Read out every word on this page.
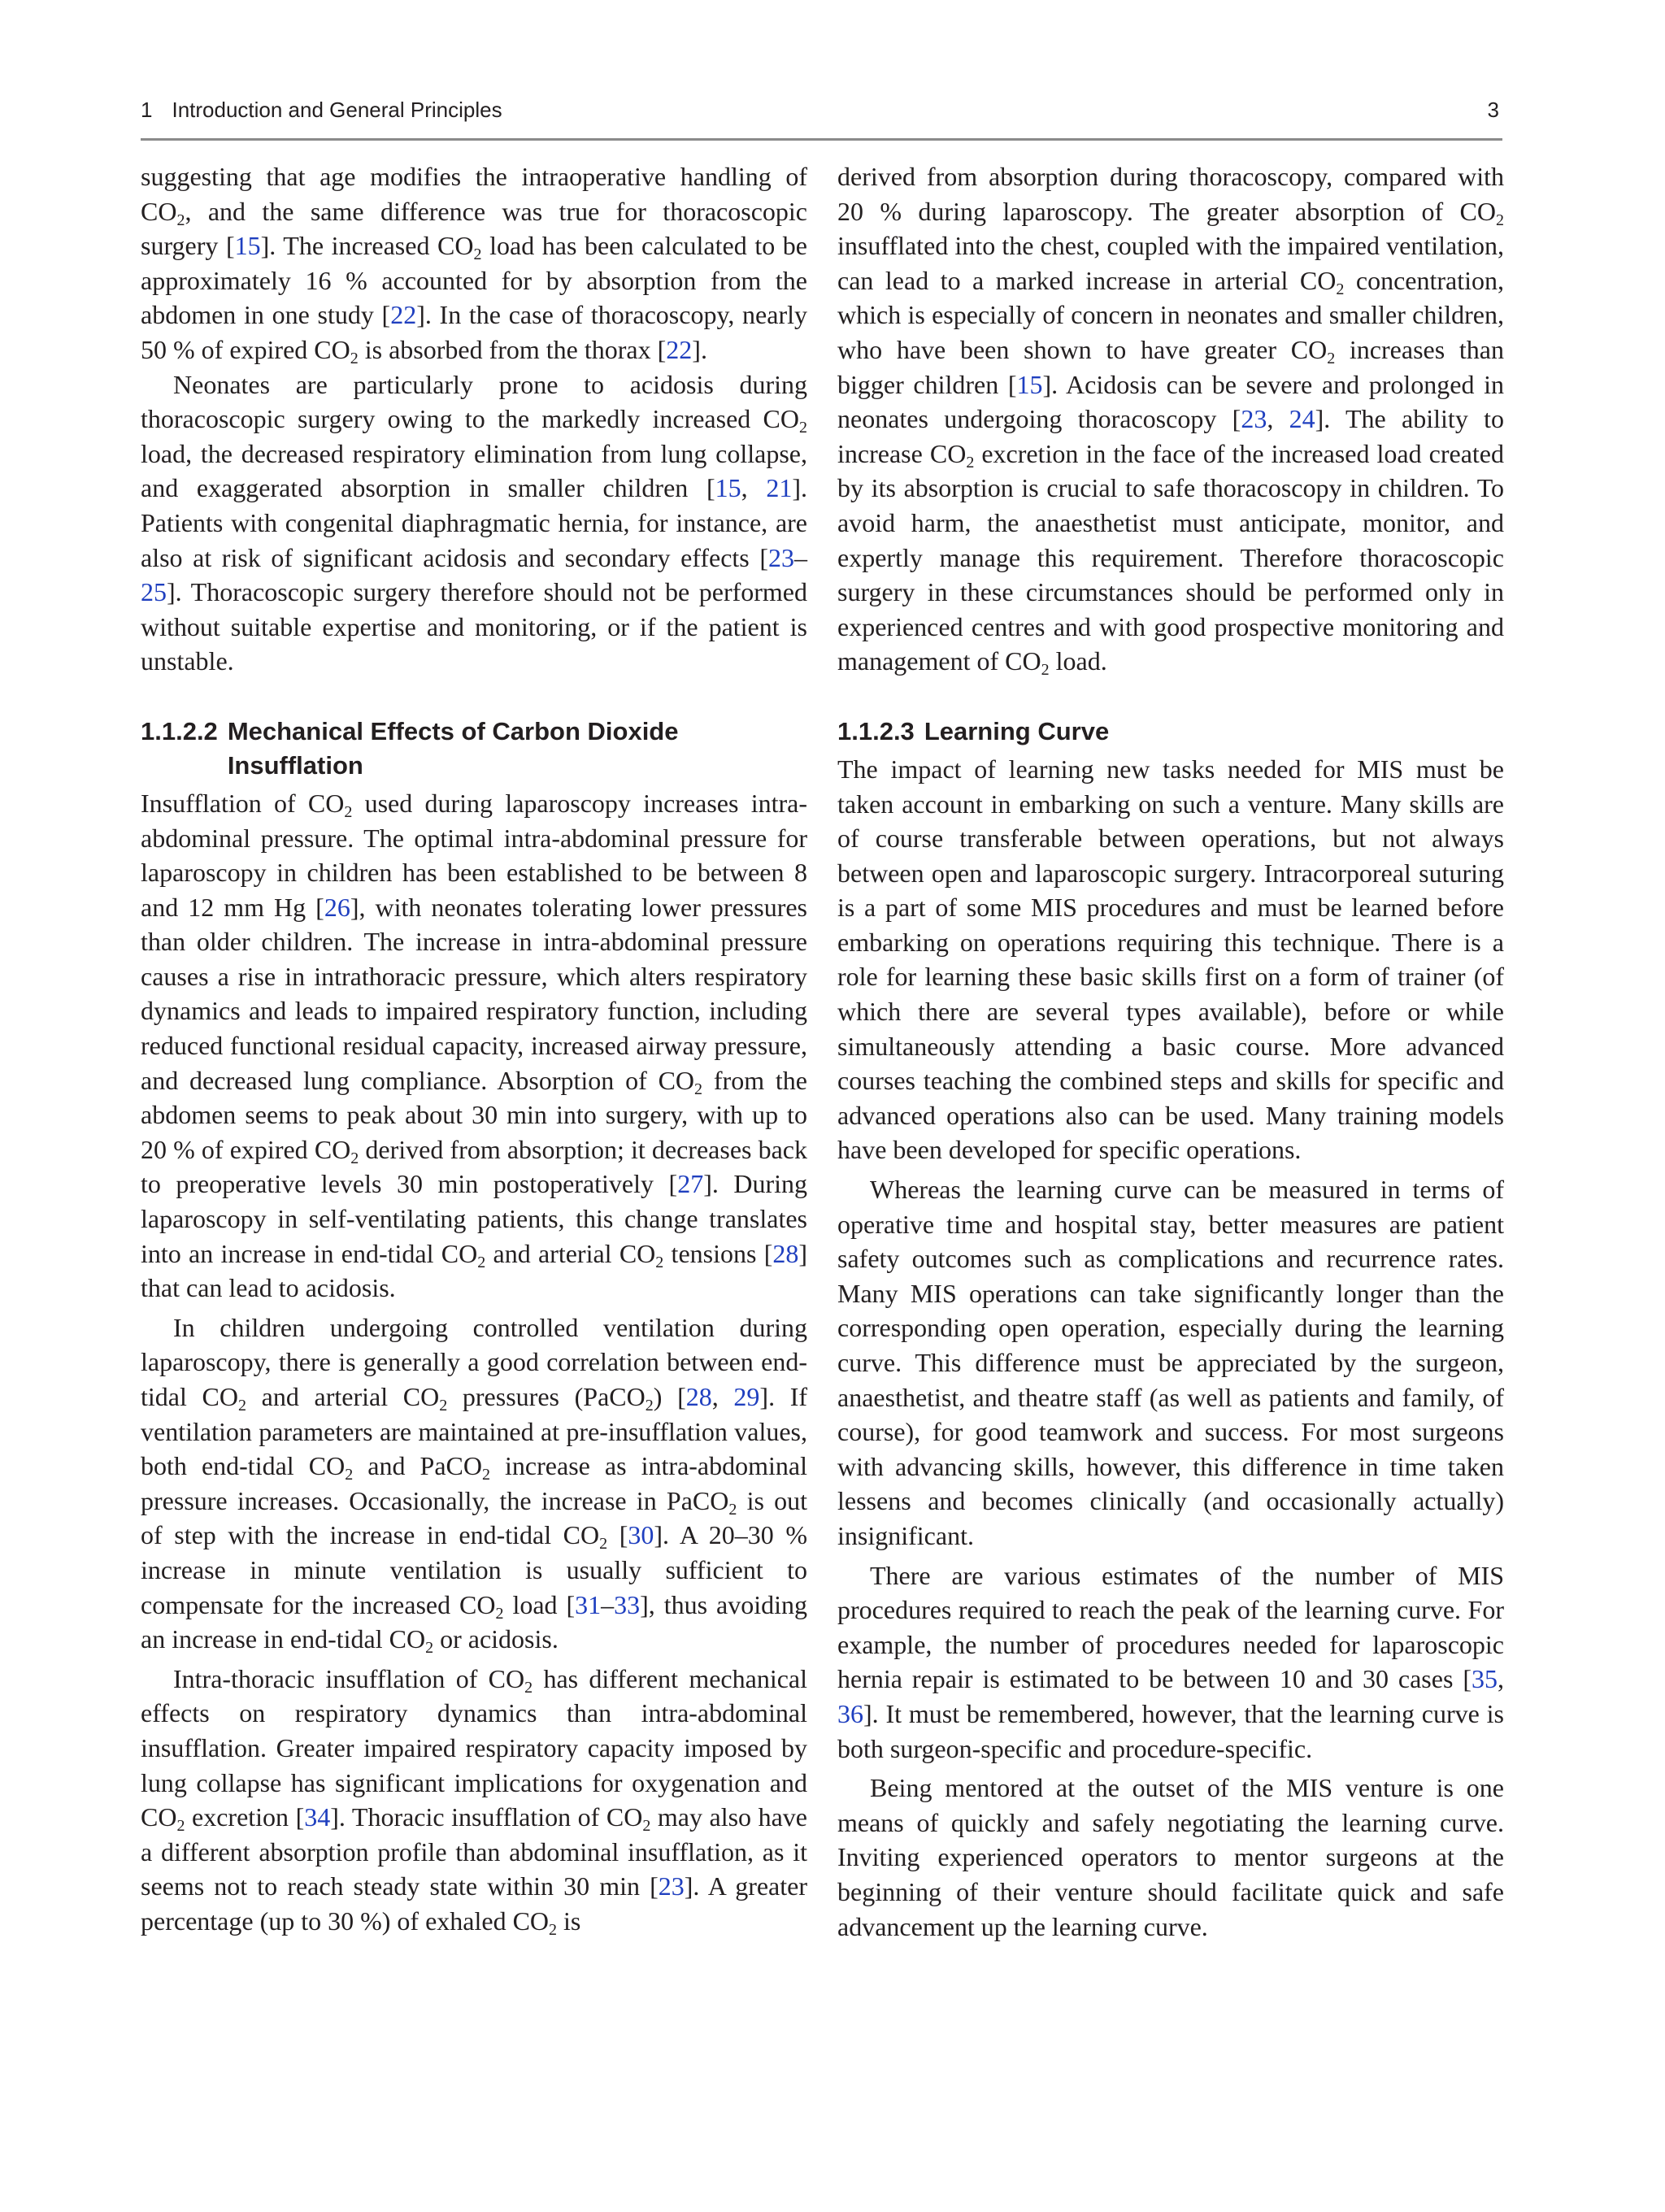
1 Introduction and General Principles	3

suggesting that age modifies the intraoperative handling of $CO_2$, and the same difference was true for thoracoscopic surgery [15]. The increased $CO_2$ load has been calculated to be approximately 16 % accounted for by absorption from the abdomen in one study [22]. In the case of thoracoscopy, nearly 50 % of expired $CO_2$ is absorbed from the thorax [22].

Neonates are particularly prone to acidosis during thoracoscopic surgery owing to the markedly increased $CO_2$ load, the decreased respiratory elimination from lung collapse, and exaggerated absorption in smaller children [15, 21]. Patients with congenital diaphragmatic hernia, for instance, are also at risk of significant acidosis and secondary effects [23–25]. Thoracoscopic surgery therefore should not be performed without suitable expertise and monitoring, or if the patient is unstable.

1.1.2.2 Mechanical Effects of Carbon Dioxide Insufflation

Insufflation of $CO_2$ used during laparoscopy increases intra-abdominal pressure. The optimal intra-abdominal pressure for laparoscopy in children has been established to be between 8 and 12 mm Hg [26], with neonates tolerating lower pressures than older children. The increase in intra-abdominal pressure causes a rise in intrathoracic pressure, which alters respiratory dynamics and leads to impaired respiratory function, including reduced functional residual capacity, increased airway pressure, and decreased lung compliance. Absorption of $CO_2$ from the abdomen seems to peak about 30 min into surgery, with up to 20 % of expired $CO_2$ derived from absorption; it decreases back to preoperative levels 30 min postoperatively [27]. During laparoscopy in self-ventilating patients, this change translates into an increase in end-tidal $CO_2$ and arterial $CO_2$ tensions [28] that can lead to acidosis.

In children undergoing controlled ventilation during laparoscopy, there is generally a good correlation between end-tidal $CO_2$ and arterial $CO_2$ pressures (PaCO$_2$) [28, 29]. If ventilation parameters are maintained at pre-insufflation values, both end-tidal $CO_2$ and PaCO$_2$ increase as intra-abdominal pressure increases. Occasionally, the increase in PaCO$_2$ is out of step with the increase in end-tidal $CO_2$ [30]. A 20–30 % increase in minute ventilation is usually sufficient to compensate for the increased $CO_2$ load [31–33], thus avoiding an increase in end-tidal $CO_2$ or acidosis.

Intra-thoracic insufflation of $CO_2$ has different mechanical effects on respiratory dynamics than intra-abdominal insufflation. Greater impaired respiratory capacity imposed by lung collapse has significant implications for oxygenation and $CO_2$ excretion [34]. Thoracic insufflation of $CO_2$ may also have a different absorption profile than abdominal insufflation, as it seems not to reach steady state within 30 min [23]. A greater percentage (up to 30 %) of exhaled $CO_2$ is

derived from absorption during thoracoscopy, compared with 20 % during laparoscopy. The greater absorption of $CO_2$ insufflated into the chest, coupled with the impaired ventilation, can lead to a marked increase in arterial $CO_2$ concentration, which is especially of concern in neonates and smaller children, who have been shown to have greater $CO_2$ increases than bigger children [15]. Acidosis can be severe and prolonged in neonates undergoing thoracoscopy [23, 24]. The ability to increase $CO_2$ excretion in the face of the increased load created by its absorption is crucial to safe thoracoscopy in children. To avoid harm, the anaesthetist must anticipate, monitor, and expertly manage this requirement. Therefore thoracoscopic surgery in these circumstances should be performed only in experienced centres and with good prospective monitoring and management of $CO_2$ load.

1.1.2.3 Learning Curve

The impact of learning new tasks needed for MIS must be taken account in embarking on such a venture. Many skills are of course transferable between operations, but not always between open and laparoscopic surgery. Intracorporeal suturing is a part of some MIS procedures and must be learned before embarking on operations requiring this technique. There is a role for learning these basic skills first on a form of trainer (of which there are several types available), before or while simultaneously attending a basic course. More advanced courses teaching the combined steps and skills for specific and advanced operations also can be used. Many training models have been developed for specific operations.

Whereas the learning curve can be measured in terms of operative time and hospital stay, better measures are patient safety outcomes such as complications and recurrence rates. Many MIS operations can take significantly longer than the corresponding open operation, especially during the learning curve. This difference must be appreciated by the surgeon, anaesthetist, and theatre staff (as well as patients and family, of course), for good teamwork and success. For most surgeons with advancing skills, however, this difference in time taken lessens and becomes clinically (and occasionally actually) insignificant.

There are various estimates of the number of MIS procedures required to reach the peak of the learning curve. For example, the number of procedures needed for laparoscopic hernia repair is estimated to be between 10 and 30 cases [35, 36]. It must be remembered, however, that the learning curve is both surgeon-specific and procedure-specific.

Being mentored at the outset of the MIS venture is one means of quickly and safely negotiating the learning curve. Inviting experienced operators to mentor surgeons at the beginning of their venture should facilitate quick and safe advancement up the learning curve.
